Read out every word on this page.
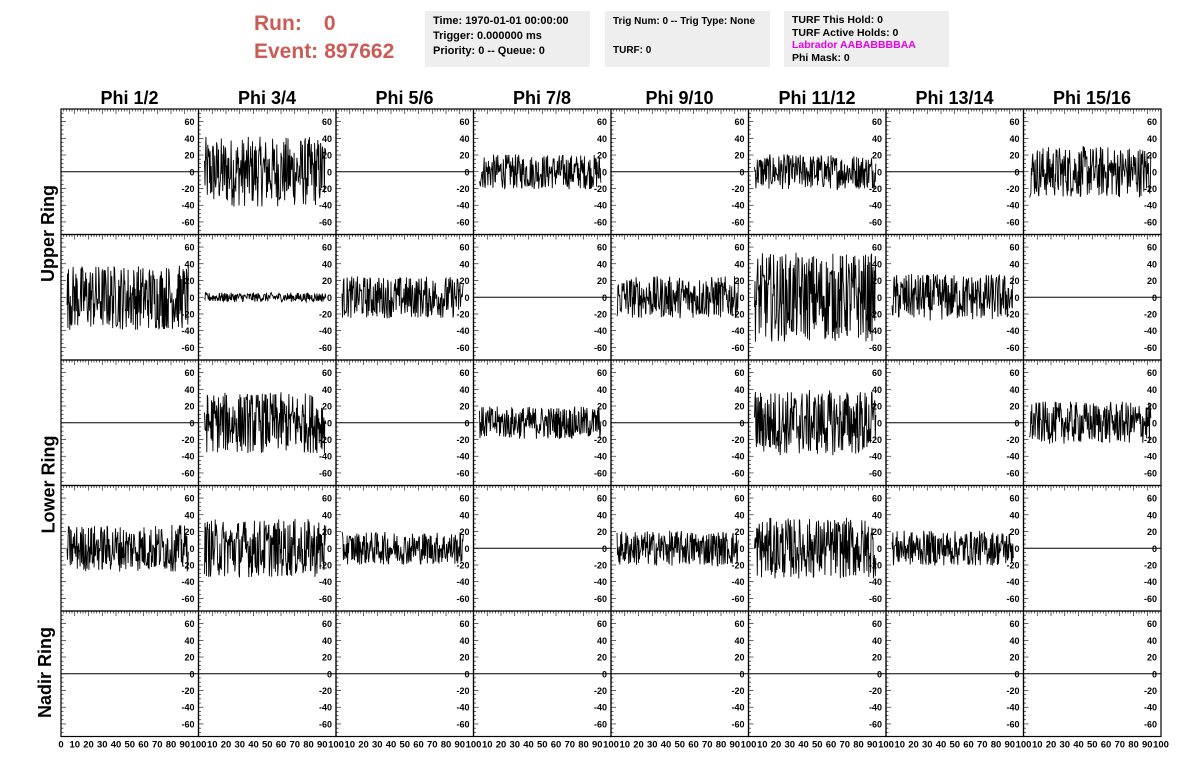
Run: 0
Event: 897662
Time: 1970-01-01 00:00:00
Trigger: 0.000000 ms
Priority: 0 -- Queue: 0
Trig Num: 0 -- Trig Type: None
TURF: 0
TURF This Hold: 0
TURF Active Holds: 0
Labrador AABABBBBAA
Phi Mask: 0
Phi 1/2	Phi 3/4	Phi 5/6	Phi 7/8	Phi 9/10	Phi 11/12	Phi 13/14	Phi 15/16
Upper Ring
Lower Ring
Nadir Ring
60
40
20
0
-20
-40
-60
60
40
20
0
-20
-40
-60
60
40
20
0
-20
-40
-60
60
40
20
0
-20
-40
-60
60
40
20
0
-20
-40
-60
60
40
20
0
-20
-40
-60
60
40
20
0
-20
-40
-60
60
40
20
0
-20
-40
-60
60
40
20
0
-20
-40
-60
60
40
20
0
-20
-40
-60
60
40
20
0
-20
-40
-60
60
40
20
0
-20
-40
-60
60
40
20
0
-20
-40
-60
60
40
20
0
-20
-40
-60
60
40
20
0
-20
-40
-60
60
40
20
0
-20
-40
-60
60
40
20
0
-20
-40
-60
60
40
20
0
-20
-40
-60
60
40
20
0
-20
-40
-60
60
40
20
0
-20
-40
-60
60
40
20
0
-20
-40
-60
60
40
20
0
-20
-40
-60
60
40
20
0
-20
-40
-60
60
40
20
0
-20
-40
-60
60
40
20
0
-20
-40
-60
60
40
20
0
-20
-40
-60
60
40
20
0
-20
-40
-60
60
40
20
0
-20
-40
-60
60
40
20
0
-20
-40
-60
60
40
20
0
-20
-40
-60
60
40
20
0
-20
-40
-60
60
40
20
0
-20
-40
-60
60
40
20
0
-20
-40
-60
60
40
20
0
-20
-40
-60
60
40
20
0
-20
-40
-60
60
40
20
0
-20
-40
-60
60
40
20
0
-20
-40
-60
60
40
20
0
-20
-40
-60
60
40
20
0
-20
-40
-60
60
40
20
0
-20
-40
-60
0 10 20 30 40 50 60 70 80 90 100 10 20 30 40 50 60 70 80 90 100 10 20 30 40 50 60 70 80 90 100 10 20 30 40 50 60 70 80 90 100 10 20 30 40 50 60 70 80 90 100 10 20 30 40 50 60 70 80 90 100 10 20 30 40 50 60 70 80 90 100 10 20 30 40 50 60 70 80 90 100
